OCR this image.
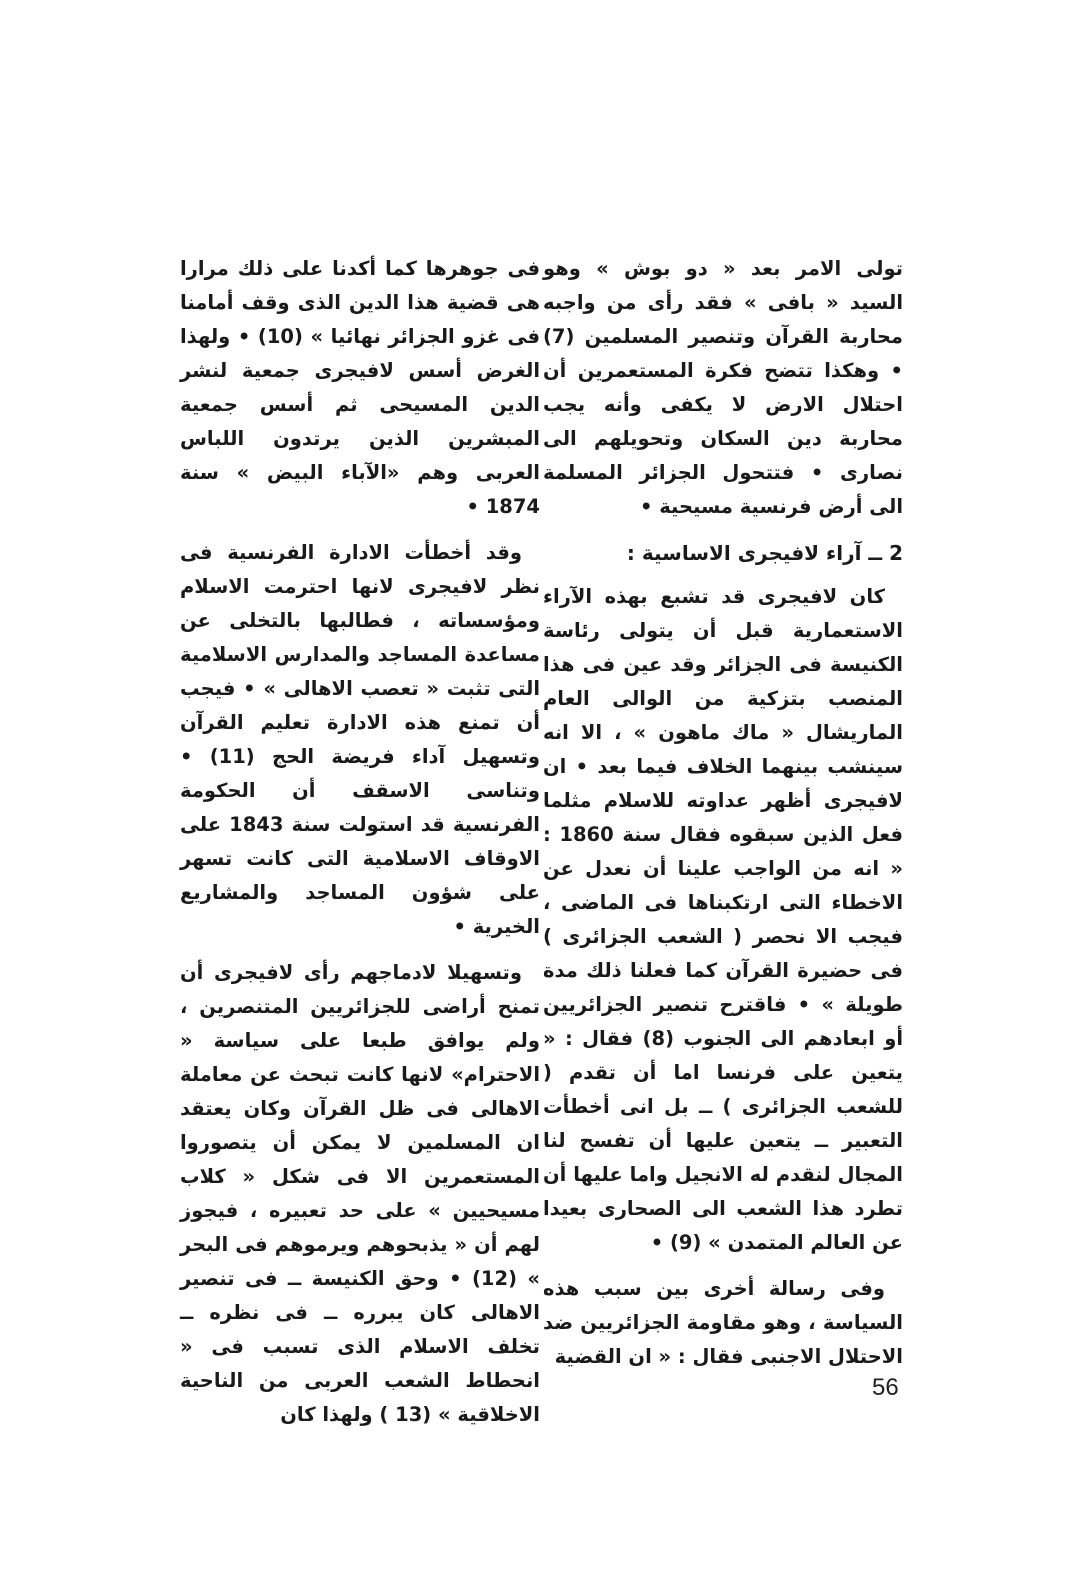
تولى الامر بعد « دو بوش » وهو السيد « بافى » فقد رأى من واجبه محاربة القرآن وتنصير المسلمين (7) • وهكذا تتضح فكرة المستعمرين أن احتلال الارض لا يكفى وأنه يجب محاربة دين السكان وتحويلهم الى نصارى • فتتحول الجزائر المسلمة الى أرض فرنسية مسيحية •

2 ــ آراء لافيجرى الاساسية :

كان لافيجرى قد تشبع بهذه الآراء الاستعمارية قبل أن يتولى رئاسة الكنيسة فى الجزائر وقد عين فى هذا المنصب بتزكية من الوالى العام الماريشال « ماك ماهون » ، الا انه سينشب بينهما الخلاف فيما بعد • ان لافيجرى أظهر عداوته للاسلام مثلما فعل الذين سبقوه فقال سنة 1860 : « انه من الواجب علينا أن نعدل عن الاخطاء التى ارتكبناها فى الماضى ، فيجب الا نحصر ( الشعب الجزائرى ) فى حضيرة القرآن كما فعلنا ذلك مدة طويلة » • فاقترح تنصير الجزائريين أو ابعادهم الى الجنوب (8) فقال : « يتعين على فرنسا اما أن تقدم ( للشعب الجزائرى ) ــ بل انى أخطأت التعبير ــ يتعين عليها أن تفسح لنا المجال لنقدم له الانجيل واما عليها أن تطرد هذا الشعب الى الصحارى بعيدا عن العالم المتمدن » (9) •

وفى رسالة أخرى بين سبب هذه السياسة ، وهو مقاومة الجزائريين ضد الاحتلال الاجنبى فقال : « ان القضية

فى جوهرها كما أكدنا على ذلك مرارا هى قضية هذا الدين الذى وقف أمامنا فى غزو الجزائر نهائيا » (10) • ولهذا الغرض أسس لافيجرى جمعية لنشر الدين المسيحى ثم أسس جمعية المبشرين الذين يرتدون اللباس العربى وهم «الآباء البيض » سنة 1874 •

وقد أخطأت الادارة الفرنسية فى نظر لافيجرى لانها احترمت الاسلام ومؤسساته ، فطالبها بالتخلى عن مساعدة المساجد والمدارس الاسلامية التى تثبت « تعصب الاهالى » • فيجب أن تمنع هذه الادارة تعليم القرآن وتسهيل آداء فريضة الحج (11) • وتناسى الاسقف أن الحكومة الفرنسية قد استولت سنة 1843 على الاوقاف الاسلامية التى كانت تسهر على شؤون المساجد والمشاريع الخيرية •

وتسهيلا لادماجهم رأى لافيجرى أن تمنح أراضى للجزائريين المتنصرين ، ولم يوافق طبعا على سياسة « الاحترام» لانها كانت تبحث عن معاملة الاهالى فى ظل القرآن وكان يعتقد ان المسلمين لا يمكن أن يتصوروا المستعمرين الا فى شكل « كلاب مسيحيين » على حد تعبيره ، فيجوز لهم أن « يذبحوهم ويرموهم فى البحر » (12) • وحق الكنيسة ــ فى تنصير الاهالى كان يبرره ــ فى نظره ــ تخلف الاسلام الذى تسبب فى « انحطاط الشعب العربى من الناحية الاخلاقية » (13 ) ولهذا كان

56
